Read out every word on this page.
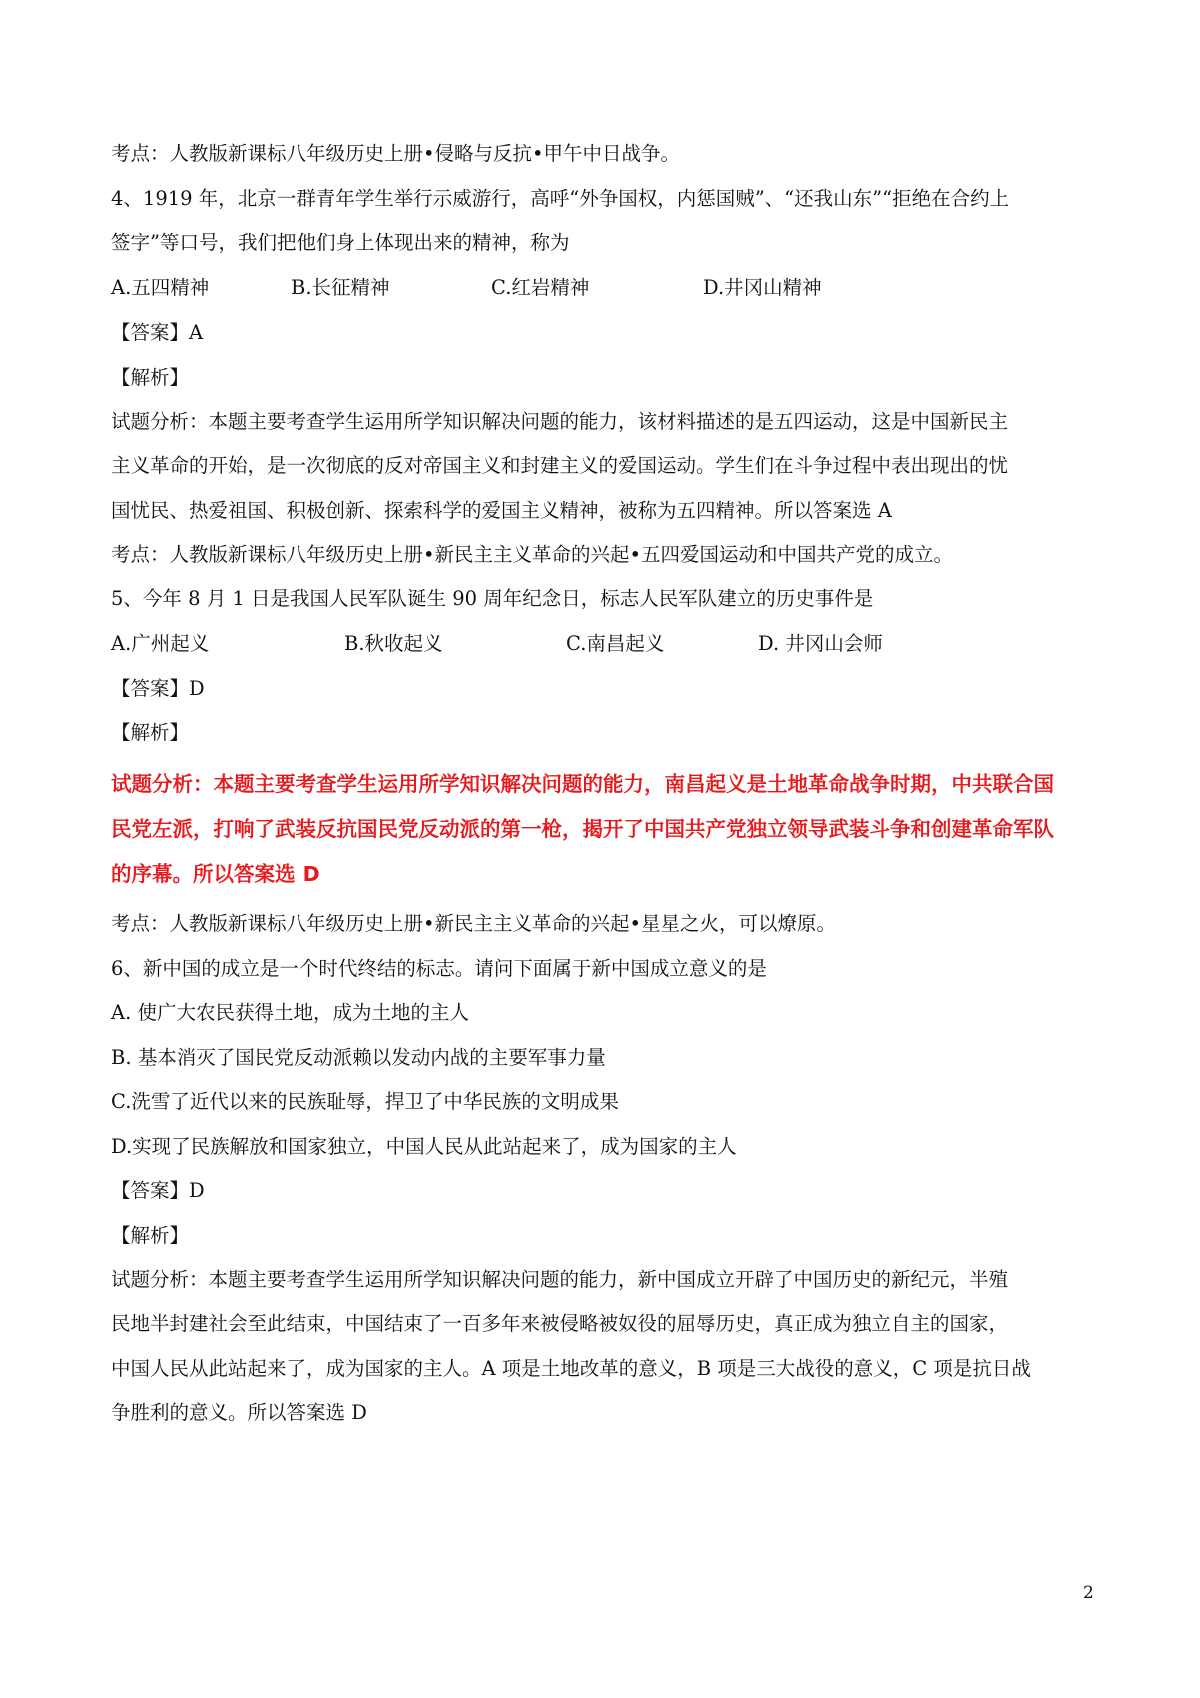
考点：人教版新课标八年级历史上册•侵略与反抗•甲午中日战争。
4、1919 年，北京一群青年学生举行示威游行，高呼“外争国权，内惩国贼”、“还我山东”“拒绝在合约上
签字”等口号，我们把他们身上体现出来的精神，称为
A.五四精神	B.长征精神	C.红岩精神	D.井冈山精神
【答案】A
【解析】
试题分析：本题主要考查学生运用所学知识解决问题的能力，该材料描述的是五四运动，这是中国新民主
主义革命的开始，是一次彻底的反对帝国主义和封建主义的爱国运动。学生们在斗争过程中表出现出的忧
国忧民、热爱祖国、积极创新、探索科学的爱国主义精神，被称为五四精神。所以答案选 A
考点：人教版新课标八年级历史上册•新民主主义革命的兴起•五四爱国运动和中国共产党的成立。
5、今年 8 月 1 日是我国人民军队诞生 90 周年纪念日，标志人民军队建立的历史事件是
A.广州起义	B.秋收起义	C.南昌起义	D. 井冈山会师
【答案】D
【解析】
试题分析：本题主要考查学生运用所学知识解决问题的能力，南昌起义是土地革命战争时期，中共联合国
民党左派，打响了武装反抗国民党反动派的第一枪，揭开了中国共产党独立领导武装斗争和创建革命军队
的序幕。所以答案选 D
考点：人教版新课标八年级历史上册•新民主主义革命的兴起•星星之火，可以燎原。
6、新中国的成立是一个时代终结的标志。请问下面属于新中国成立意义的是
A. 使广大农民获得土地，成为土地的主人
B. 基本消灭了国民党反动派赖以发动内战的主要军事力量
C.洗雪了近代以来的民族耻辱，捍卫了中华民族的文明成果
D.实现了民族解放和国家独立，中国人民从此站起来了，成为国家的主人
【答案】D
【解析】
试题分析：本题主要考查学生运用所学知识解决问题的能力，新中国成立开辟了中国历史的新纪元，半殖
民地半封建社会至此结束，中国结束了一百多年来被侵略被奴役的屈辱历史，真正成为独立自主的国家，
中国人民从此站起来了，成为国家的主人。A 项是土地改革的意义，B 项是三大战役的意义，C 项是抗日战
争胜利的意义。所以答案选 D
2
